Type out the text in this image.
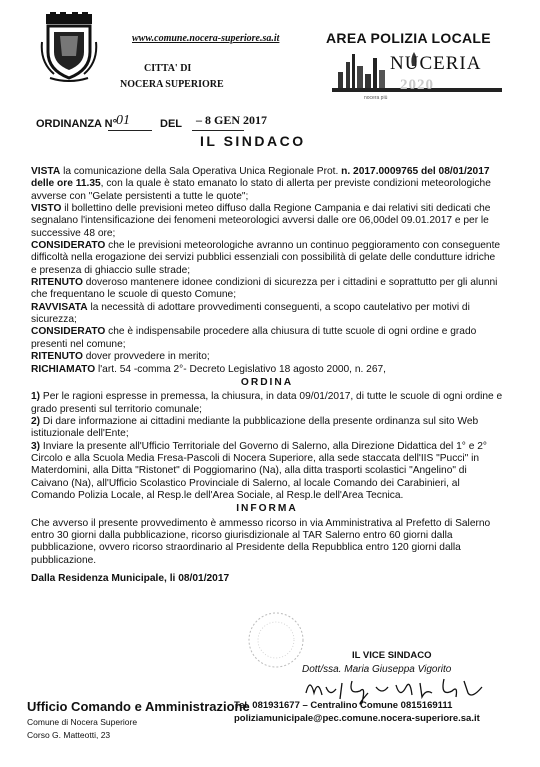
www.comune.nocera-superiore.sa.it	AREA POLIZIA LOCALE
CITTA' DI
NOCERA SUPERIORE
NUCERIA
2020
nocera più
ORDINANZA N° 01	DEL – 8 GEN 2017
IL SINDACO

VISTA la comunicazione della Sala Operativa Unica Regionale Prot. n. 2017.0009765 del 08/01/2017 delle ore 11.35, con la quale è stato emanato lo stato di allerta per previste condizioni meteorologiche avverse con "Gelate persistenti a tutte le quote";

VISTO il bollettino delle previsioni meteo diffuso dalla Regione Campania e dai relativi siti dedicati che segnalano l'intensificazione dei fenomeni meteorologici avversi dalle ore 06,00del 09.01.2017 e per le successive 48 ore;

CONSIDERATO che le previsioni meteorologiche avranno un continuo peggioramento con conseguente difficoltà nella erogazione dei servizi pubblici essenziali con possibilità di gelate delle condutture idriche e presenza di ghiaccio sulle strade;

RITENUTO doveroso mantenere idonee condizioni di sicurezza per i cittadini e soprattutto per gli alunni che frequentano le scuole di questo Comune;

RAVVISATA la necessità di adottare provvedimenti conseguenti, a scopo cautelativo per motivi di sicurezza;

CONSIDERATO che è indispensabile procedere alla chiusura di tutte scuole di ogni ordine e grado presenti nel comune;

RITENUTO dover provvedere in merito;

RICHIAMATO l'art. 54 -comma 2°- Decreto Legislativo 18 agosto 2000, n. 267,

ORDINA

1) Per le ragioni espresse in premessa, la chiusura, in data 09/01/2017, di tutte le scuole di ogni ordine e grado presenti sul territorio comunale;

2) Di dare informazione ai cittadini mediante la pubblicazione della presente ordinanza sul sito Web istituzionale dell'Ente;

3) Inviare la presente all'Ufficio Territoriale del Governo di Salerno, alla Direzione Didattica del 1° e 2° Circolo e alla Scuola Media Fresa-Pascoli di Nocera Superiore, alla sede staccata dell'IIS "Pucci" in Materdomini, alla Ditta "Ristonet" di Poggiomarino (Na), alla ditta trasporti scolastici "Angelino" di Caivano (Na), all'Ufficio Scolastico Provinciale di Salerno, al locale Comando dei Carabinieri, al Comando Polizia Locale, al Resp.le dell'Area Sociale, al Resp.le dell'Area Tecnica.

INFORMA

Che avverso il presente provvedimento è ammesso ricorso in via Amministrativa al Prefetto di Salerno entro 30 giorni dalla pubblicazione, ricorso giurisdizionale al TAR Salerno entro 60 giorni dalla pubblicazione, ovvero ricorso straordinario al Presidente della Repubblica entro 120 giorni dalla pubblicazione.

Dalla Residenza Municipale, li 08/01/2017

IL VICE SINDACO
Dott/ssa. Maria Giuseppa Vigorito
Tel. 081931677 – Centralino Comune 0815169111
poliziamunicipale@pec.comune.nocera-superiore.sa.it
Ufficio Comando e Amministrazione
Comune di Nocera Superiore
Corso G. Matteotti, 23
